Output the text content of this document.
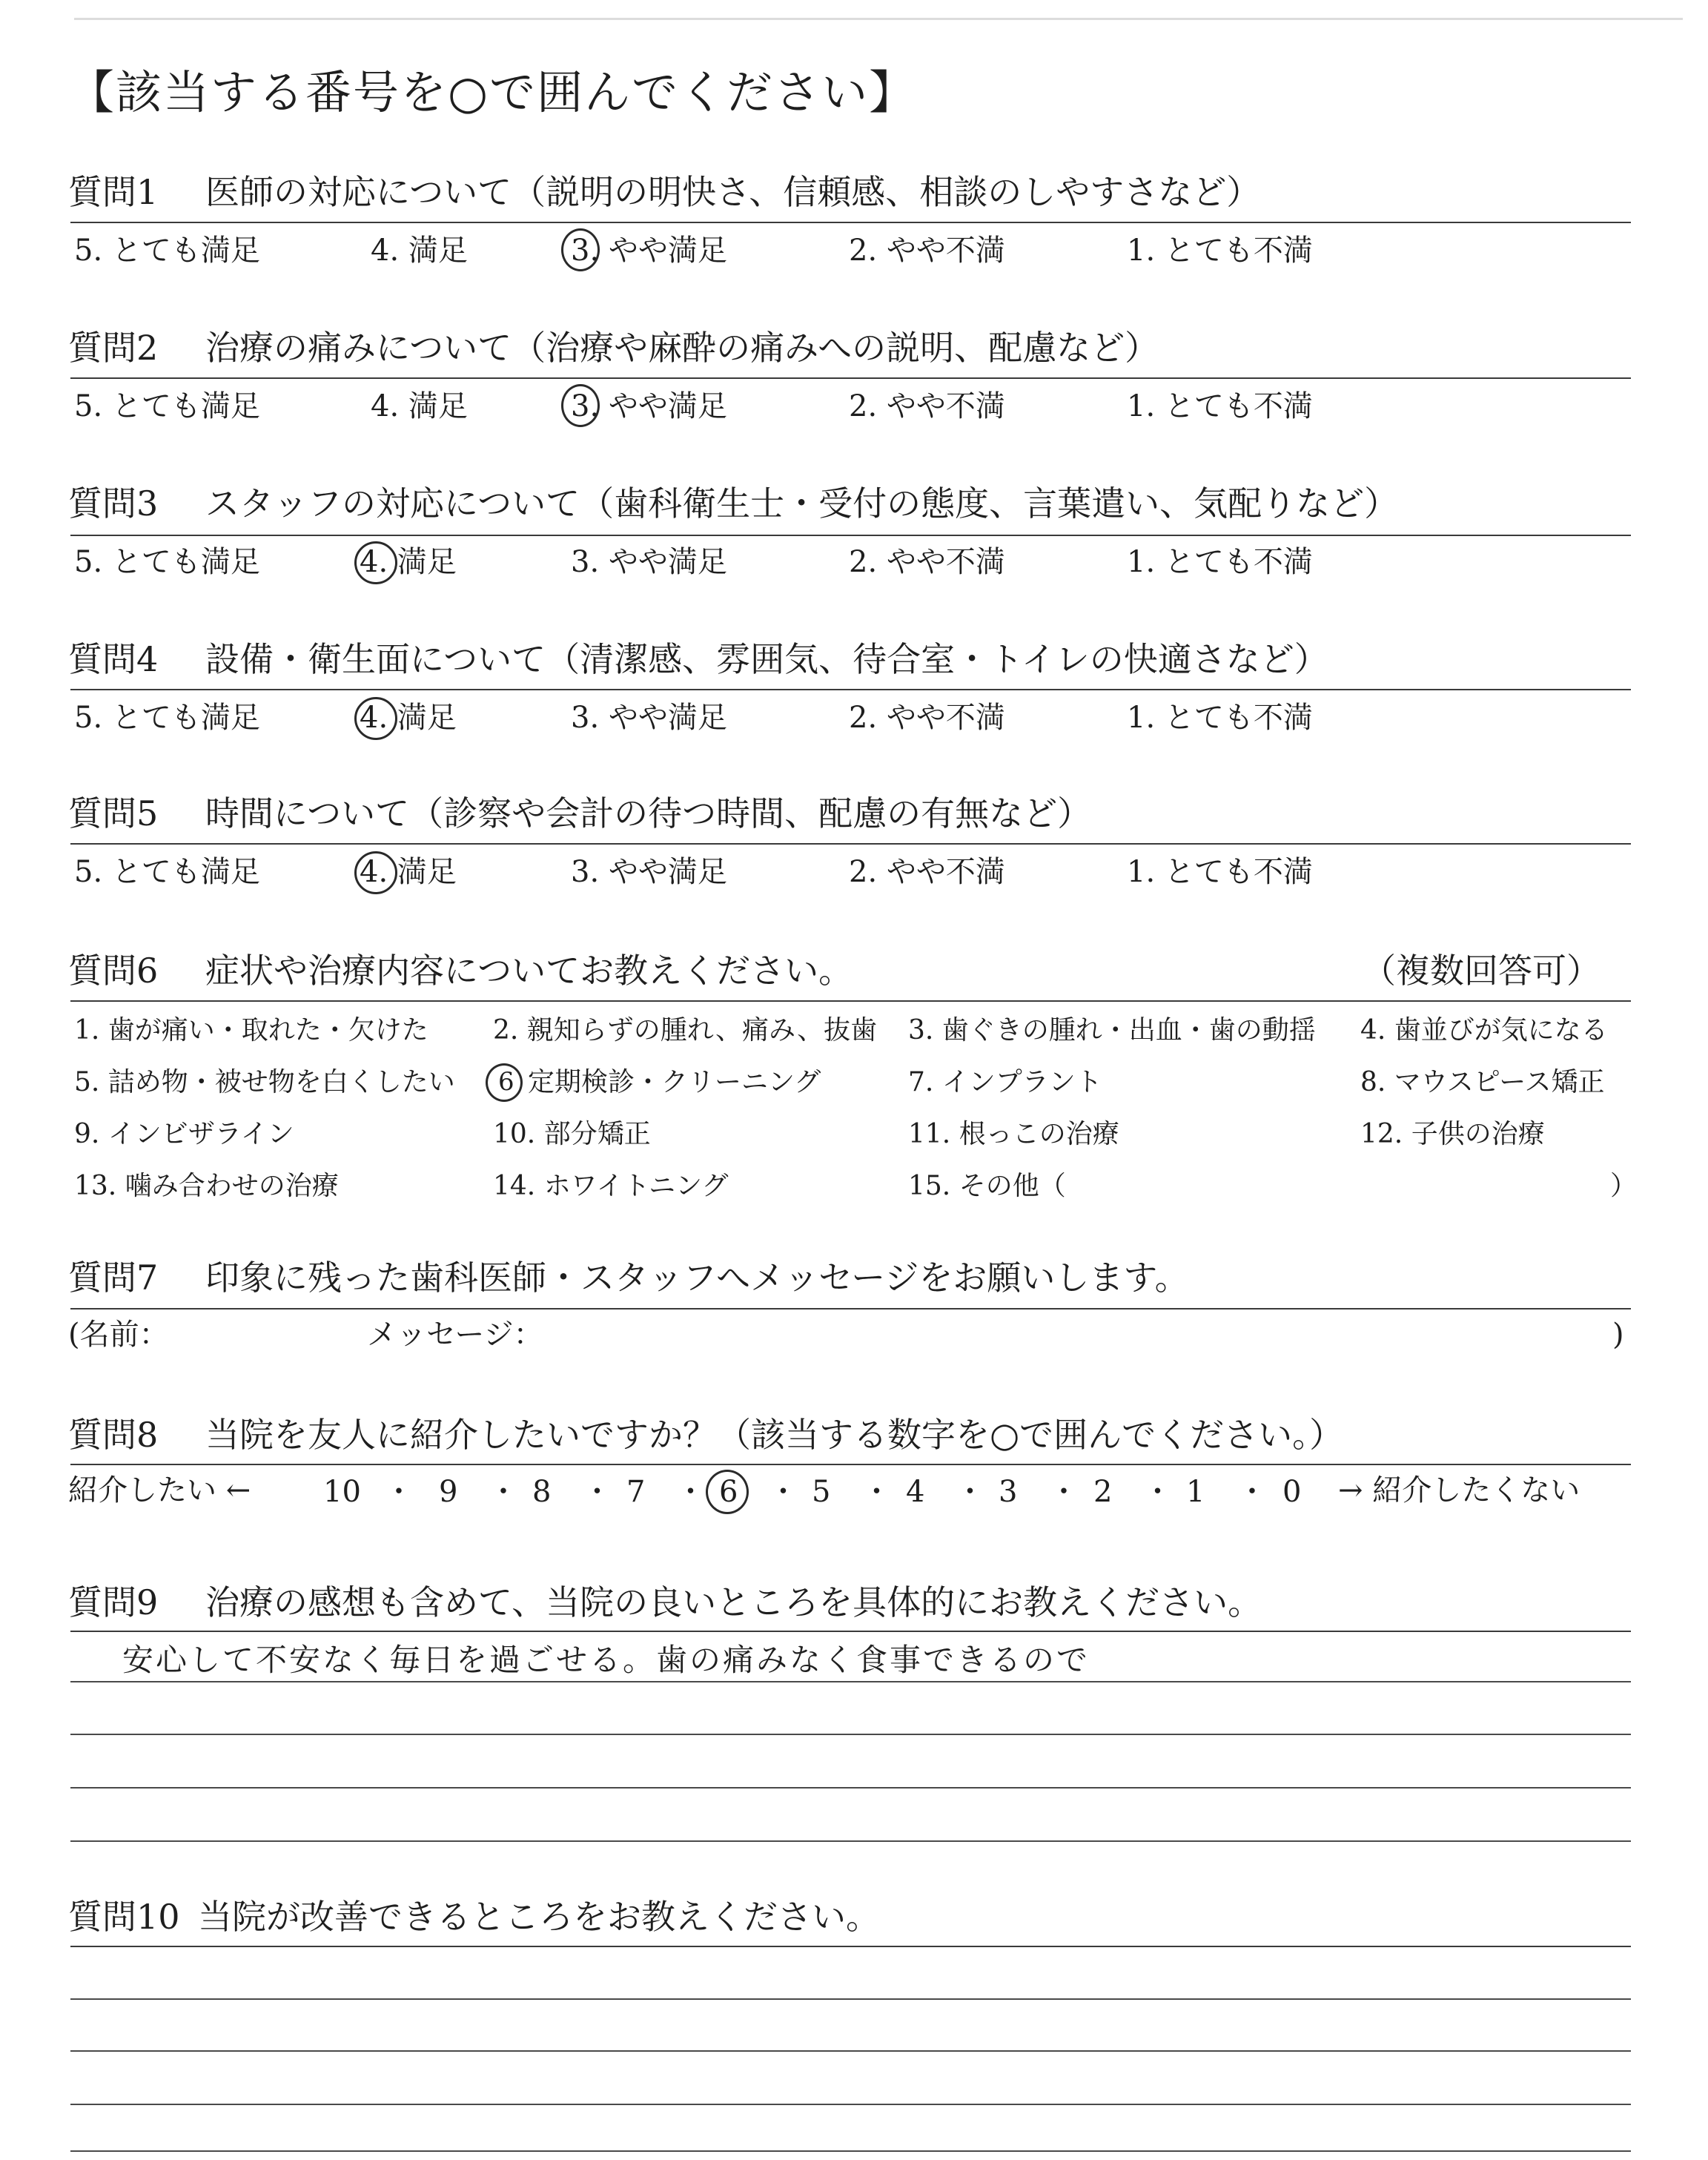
【該当する番号を○で囲んでください】
質問1 医師の対応について（説明の明快さ、信頼感、相談のしやすさなど）
5. とても満足	4. 満足	3. やや満足	2. やや不満	1. とても不満
質問2 治療の痛みについて（治療や麻酔の痛みへの説明、配慮など）
5. とても満足	4. 満足	3. やや満足	2. やや不満	1. とても不満
質問3 スタッフの対応について（歯科衛生士・受付の態度、言葉遣い、気配りなど）
5. とても満足	4. 満足	3. やや満足	2. やや不満	1. とても不満
質問4 設備・衛生面について（清潔感、雰囲気、待合室・トイレの快適さなど）
5. とても満足	4. 満足	3. やや満足	2. やや不満	1. とても不満
質問5 時間について（診察や会計の待つ時間、配慮の有無など）
5. とても満足	4. 満足	3. やや満足	2. やや不満	1. とても不満
質問6 症状や治療内容についてお教えください。	（複数回答可）
1. 歯が痛い・取れた・欠けた 2. 親知らずの腫れ、痛み、抜歯 3. 歯ぐきの腫れ・出血・歯の動揺 4. 歯並びが気になる
5. 詰め物・被せ物を白くしたい 6 定期検診・クリーニング	7. インプラント	8. マウスピース矯正
9. インビザライン	10. 部分矯正	11. 根っこの治療	12. 子供の治療
13. 噛み合わせの治療	14. ホワイトニング	15. その他（	）
質問7 印象に残った歯科医師・スタッフへメッセージをお願いします。
(名前：	メッセージ：	)
質問8 当院を友人に紹介したいですか？（該当する数字を○で囲んでください。）
紹介したい ←	→ 紹介したくない
10 ・ 9 ・ 8 ・ 7 ・ 6 ・ 5 ・ 4 ・ 3 ・ 2 ・ 1 ・ 0
質問9 治療の感想も含めて、当院の良いところを具体的にお教えください。
安心して不安なく毎日を過ごせる。歯の痛みなく食事できるので
質問10 当院が改善できるところをお教えください。
